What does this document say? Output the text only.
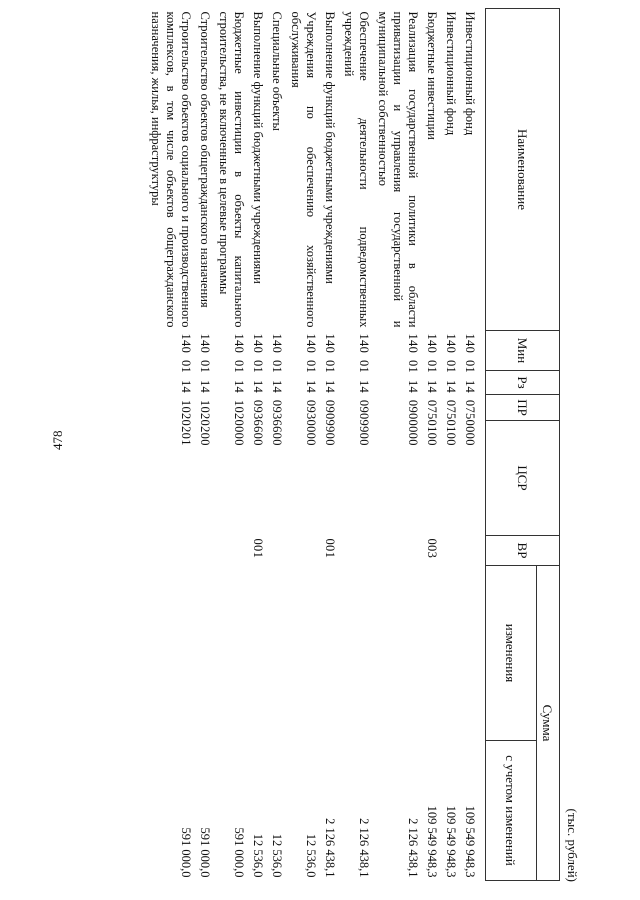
478
(тыс. рублей)
Наименование	Мин	Рз	ПР	ЦСР	ВР	Сумма	
						изменения	с учетом изменений
Инвестиционный фонд	140  01  14  0750000						109 549 948,3
Инвестиционный фонд	140  01  14  0750100						109 549 948,3
Бюджетные инвестиции	140  01  14  0750100				003		109 549 948,3
Реализация государственной политики в области приватизации и управления государственной и муниципальной собственностью	140  01  14  0900000						2 126 438,1
Обеспечение деятельности подведомственных учреждений	140  01  14  0909900						2 126 438,1
Выполнение функций бюджетными учреждениями	140  01  14  0909900				001		2 126 438,1
Учреждения по обеспечению хозяйственного обслуживания	140  01  14  0930000						12 536,0
Специальные объекты	140  01  14  0936600						12 536,0
Выполнение функций бюджетными учреждениями	140  01  14  0936600				001		12 536,0
Бюджетные инвестиции в объекты капитального строительства, не включенные в целевые программы	140  01  14  1020000						591 000,0
Строительство объектов общегражданского назначения	140  01  14  1020200						591 000,0
Строительство объектов социального и производственного комплексов, в том числе объектов общегражданского назначения, жилья, инфраструктуры	140  01  14  1020201						591 000,0
